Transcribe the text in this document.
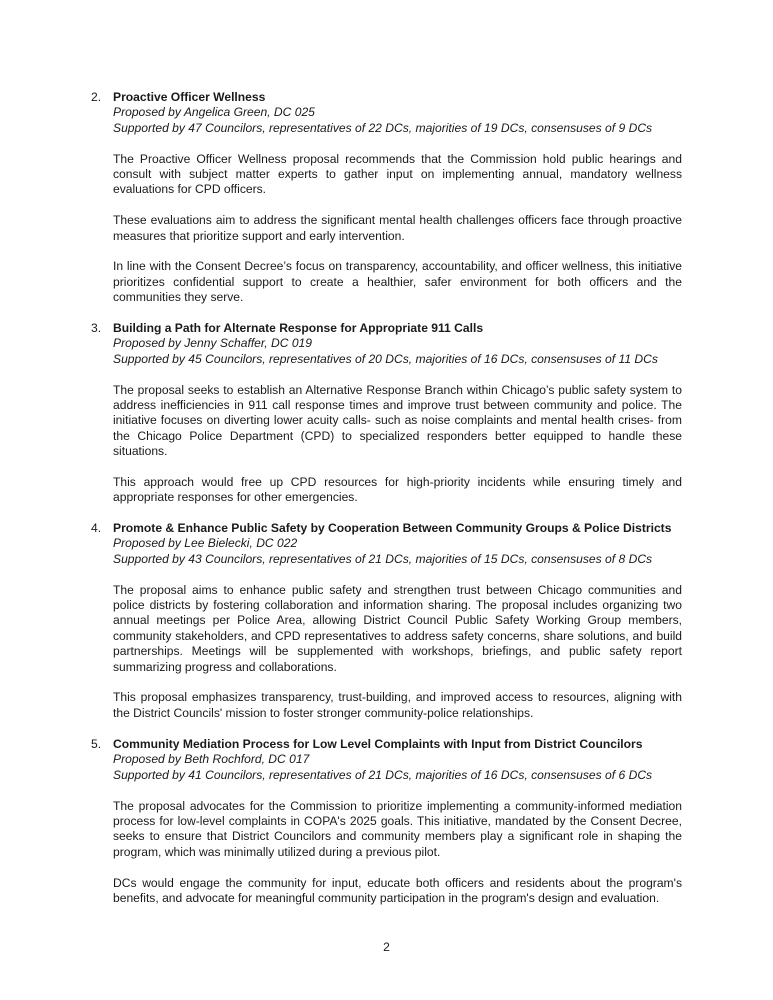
2. Proactive Officer Wellness
Proposed by Angelica Green, DC 025
Supported by 47 Councilors, representatives of 22 DCs, majorities of 19 DCs, consensuses of 9 DCs

The Proactive Officer Wellness proposal recommends that the Commission hold public hearings and consult with subject matter experts to gather input on implementing annual, mandatory wellness evaluations for CPD officers.

These evaluations aim to address the significant mental health challenges officers face through proactive measures that prioritize support and early intervention.

In line with the Consent Decree’s focus on transparency, accountability, and officer wellness, this initiative prioritizes confidential support to create a healthier, safer environment for both officers and the communities they serve.

3. Building a Path for Alternate Response for Appropriate 911 Calls
Proposed by Jenny Schaffer, DC 019
Supported by 45 Councilors, representatives of 20 DCs, majorities of 16 DCs, consensuses of 11 DCs

The proposal seeks to establish an Alternative Response Branch within Chicago’s public safety system to address inefficiencies in 911 call response times and improve trust between community and police. The initiative focuses on diverting lower acuity calls- such as noise complaints and mental health crises- from the Chicago Police Department (CPD) to specialized responders better equipped to handle these situations.

This approach would free up CPD resources for high-priority incidents while ensuring timely and appropriate responses for other emergencies.

4. Promote & Enhance Public Safety by Cooperation Between Community Groups & Police Districts
Proposed by Lee Bielecki, DC 022
Supported by 43 Councilors, representatives of 21 DCs, majorities of 15 DCs, consensuses of 8 DCs

The proposal aims to enhance public safety and strengthen trust between Chicago communities and police districts by fostering collaboration and information sharing. The proposal includes organizing two annual meetings per Police Area, allowing District Council Public Safety Working Group members, community stakeholders, and CPD representatives to address safety concerns, share solutions, and build partnerships. Meetings will be supplemented with workshops, briefings, and public safety report summarizing progress and collaborations.

This proposal emphasizes transparency, trust-building, and improved access to resources, aligning with the District Councils' mission to foster stronger community-police relationships.

5. Community Mediation Process for Low Level Complaints with Input from District Councilors
Proposed by Beth Rochford, DC 017
Supported by 41 Councilors, representatives of 21 DCs, majorities of 16 DCs, consensuses of 6 DCs

The proposal advocates for the Commission to prioritize implementing a community-informed mediation process for low-level complaints in COPA's 2025 goals. This initiative, mandated by the Consent Decree, seeks to ensure that District Councilors and community members play a significant role in shaping the program, which was minimally utilized during a previous pilot.

DCs would engage the community for input, educate both officers and residents about the program's benefits, and advocate for meaningful community participation in the program's design and evaluation.

2
